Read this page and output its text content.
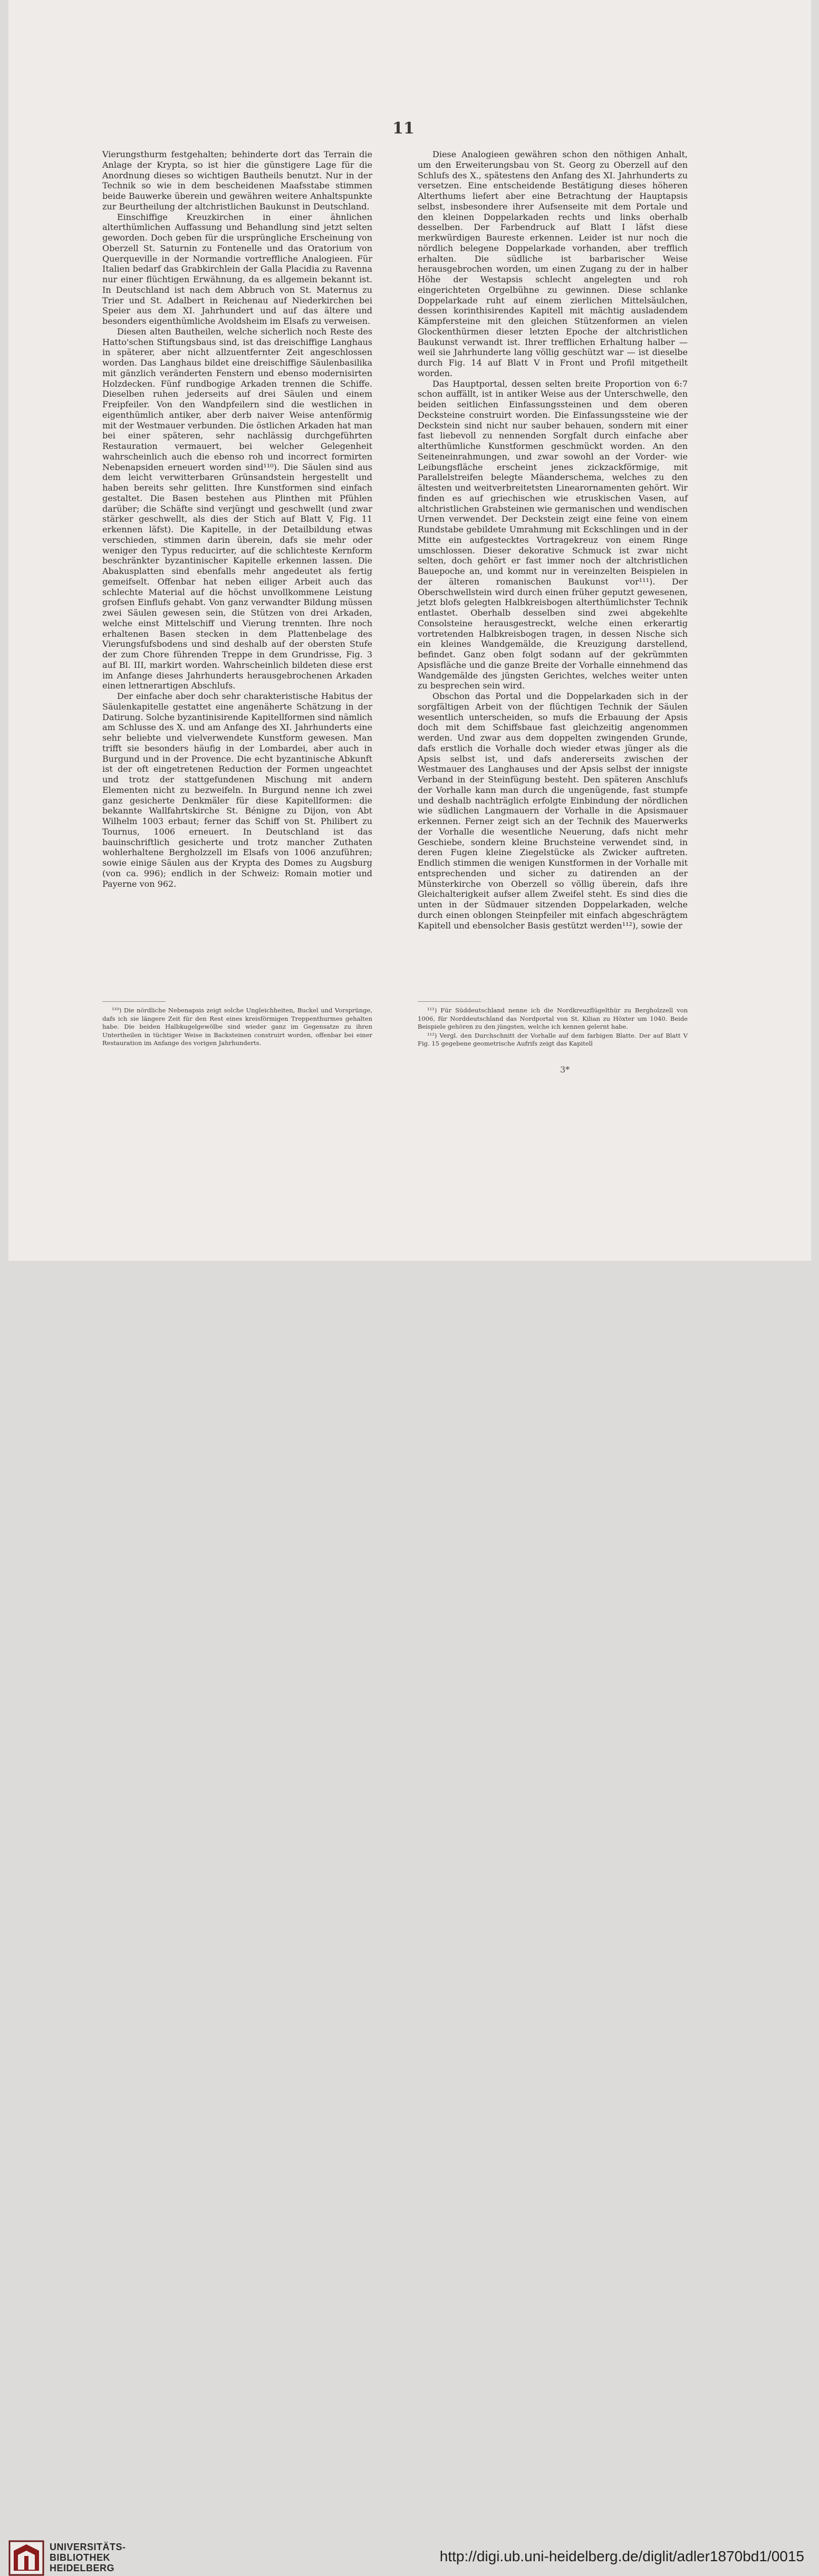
11

Vierungsthurm festgehalten; behinderte dort das Terrain die Anlage der Krypta, so ist hier die günstigere Lage für die Anordnung dieses so wichtigen Bautheils benutzt. Nur in der Technik so wie in dem bescheidenen Maafsstabe stimmen beide Bauwerke überein und gewähren weitere Anhaltspunkte zur Beurtheilung der altchristlichen Baukunst in Deutschland.

Einschiffige Kreuzkirchen in einer ähnlichen alterthümlichen Auffassung und Behandlung sind jetzt selten geworden. Doch geben für die ursprüngliche Erscheinung von Oberzell St. Saturnin zu Fontenelle und das Oratorium von Querqueville in der Normandie vortreffliche Analogieen. Für Italien bedarf das Grabkirchlein der Galla Placidia zu Ravenna nur einer flüchtigen Erwähnung, da es allgemein bekannt ist. In Deutschland ist nach dem Abbruch von St. Maternus zu Trier und St. Adalbert in Reichenau auf Niederkirchen bei Speier aus dem XI. Jahrhundert und auf das ältere und besonders eigenthümliche Avoldsheim im Elsafs zu verweisen.

Diesen alten Bautheilen, welche sicherlich noch Reste des Hatto'schen Stiftungsbaus sind, ist das dreischiffige Langhaus in späterer, aber nicht allzuentfernter Zeit angeschlossen worden. Das Langhaus bildet eine dreischiffige Säulenbasilika mit gänzlich veränderten Fenstern und ebenso modernisirten Holzdecken. Fünf rundbogige Arkaden trennen die Schiffe. Dieselben ruhen jederseits auf drei Säulen und einem Freipfeiler. Von den Wandpfeilern sind die westlichen in eigenthümlich antiker, aber derb naiver Weise antenförmig mit der Westmauer verbunden. Die östlichen Arkaden hat man bei einer späteren, sehr nachlässig durchgeführten Restauration vermauert, bei welcher Gelegenheit wahrscheinlich auch die ebenso roh und incorrect formirten Nebenapsiden erneuert worden sind¹¹⁰). Die Säulen sind aus dem leicht verwitterbaren Grünsandstein hergestellt und haben bereits sehr gelitten. Ihre Kunstformen sind einfach gestaltet. Die Basen bestehen aus Plinthen mit Pfühlen darüber; die Schäfte sind verjüngt und geschwellt (und zwar stärker geschwellt, als dies der Stich auf Blatt V, Fig. 11 erkennen läfst). Die Kapitelle, in der Detailbildung etwas verschieden, stimmen darin überein, dafs sie mehr oder weniger den Typus reducirter, auf die schlichteste Kernform beschränkter byzantinischer Kapitelle erkennen lassen. Die Abakusplatten sind ebenfalls mehr angedeutet als fertig gemeifselt. Offenbar hat neben eiliger Arbeit auch das schlechte Material auf die höchst unvollkommene Leistung grofsen Einflufs gehabt. Von ganz verwandter Bildung müssen zwei Säulen gewesen sein, die Stützen von drei Arkaden, welche einst Mittelschiff und Vierung trennten. Ihre noch erhaltenen Basen stecken in dem Plattenbelage des Vierungsfufsbodens und sind deshalb auf der obersten Stufe der zum Chore führenden Treppe in dem Grundrisse, Fig. 3 auf Bl. III, markirt worden. Wahrscheinlich bildeten diese erst im Anfange dieses Jahrhunderts herausgebrochenen Arkaden einen lettnerartigen Abschlufs.

Der einfache aber doch sehr charakteristische Habitus der Säulenkapitelle gestattet eine angenäherte Schätzung in der Datirung. Solche byzantinisirende Kapitellformen sind nämlich am Schlusse des X. und am Anfange des XI. Jahrhunderts eine sehr beliebte und vielverwendete Kunstform gewesen. Man trifft sie besonders häufig in der Lombardei, aber auch in Burgund und in der Provence. Die echt byzantinische Abkunft ist der oft eingetretenen Reduction der Formen ungeachtet und trotz der stattgefundenen Mischung mit andern Elementen nicht zu bezweifeln. In Burgund nenne ich zwei ganz gesicherte Denkmäler für diese Kapitellformen: die bekannte Wallfahrtskirche St. Bénigne zu Dijon, von Abt Wilhelm 1003 erbaut; ferner das Schiff von St. Philibert zu Tournus, 1006 erneuert. In Deutschland ist das bauinschriftlich gesicherte und trotz mancher Zuthaten wohlerhaltene Bergholzzell im Elsafs von 1006 anzuführen; sowie einige Säulen aus der Krypta des Domes zu Augsburg (von ca. 996); endlich in der Schweiz: Romain motier und Payerne von 962.

Diese Analogieen gewähren schon den nöthigen Anhalt, um den Erweiterungsbau von St. Georg zu Oberzell auf den Schlufs des X., spätestens den Anfang des XI. Jahrhunderts zu versetzen. Eine entscheidende Bestätigung dieses höheren Alterthums liefert aber eine Betrachtung der Hauptapsis selbst, insbesondere ihrer Aufsenseite mit dem Portale und den kleinen Doppelarkaden rechts und links oberhalb desselben. Der Farbendruck auf Blatt I läfst diese merkwürdigen Baureste erkennen. Leider ist nur noch die nördlich belegene Doppelarkade vorhanden, aber trefflich erhalten. Die südliche ist barbarischer Weise herausgebrochen worden, um einen Zugang zu der in halber Höhe der Westapsis schlecht angelegten und roh eingerichteten Orgelbühne zu gewinnen. Diese schlanke Doppelarkade ruht auf einem zierlichen Mittelsäulchen, dessen korinthisirendes Kapitell mit mächtig ausladendem Kämpfersteine mit den gleichen Stützenformen an vielen Glockenthürmen dieser letzten Epoche der altchristlichen Baukunst verwandt ist. Ihrer trefflichen Erhaltung halber — weil sie Jahrhunderte lang völlig geschützt war — ist dieselbe durch Fig. 14 auf Blatt V in Front und Profil mitgetheilt worden.

Das Hauptportal, dessen selten breite Proportion von 6:7 schon auffällt, ist in antiker Weise aus der Unterschwelle, den beiden seitlichen Einfassungssteinen und dem oberen Decksteine construirt worden. Die Einfassungssteine wie der Deckstein sind nicht nur sauber behauen, sondern mit einer fast liebevoll zu nennenden Sorgfalt durch einfache aber alterthümliche Kunstformen geschmückt worden. An den Seiteneinrahmungen, und zwar sowohl an der Vorder- wie Leibungsfläche erscheint jenes zickzackförmige, mit Parallelstreifen belegte Mäanderschema, welches zu den ältesten und weitverbreitetsten Linearornamenten gehört. Wir finden es auf griechischen wie etruskischen Vasen, auf altchristlichen Grabsteinen wie germanischen und wendischen Urnen verwendet. Der Deckstein zeigt eine feine von einem Rundstabe gebildete Umrahmung mit Eckschlingen und in der Mitte ein aufgestecktes Vortragekreuz von einem Ringe umschlossen. Dieser dekorative Schmuck ist zwar nicht selten, doch gehört er fast immer noch der altchristlichen Bauepoche an, und kommt nur in vereinzelten Beispielen in der älteren romanischen Baukunst vor¹¹¹). Der Oberschwellstein wird durch einen früher geputzt gewesenen, jetzt blofs gelegten Halbkreisbogen alterthümlichster Technik entlastet. Oberhalb desselben sind zwei abgekehlte Consolsteine herausgestreckt, welche einen erkerartig vortretenden Halbkreisbogen tragen, in dessen Nische sich ein kleines Wandgemälde, die Kreuzigung darstellend, befindet. Ganz oben folgt sodann auf der gekrümmten Apsisfläche und die ganze Breite der Vorhalle einnehmend das Wandgemälde des jüngsten Gerichtes, welches weiter unten zu besprechen sein wird.

Obschon das Portal und die Doppelarkaden sich in der sorgfältigen Arbeit von der flüchtigen Technik der Säulen wesentlich unterscheiden, so mufs die Erbauung der Apsis doch mit dem Schiffsbaue fast gleichzeitig angenommen werden. Und zwar aus dem doppelten zwingenden Grunde, dafs erstlich die Vorhalle doch wieder etwas jünger als die Apsis selbst ist, und dafs andererseits zwischen der Westmauer des Langhauses und der Apsis selbst der innigste Verband in der Steinfügung besteht. Den späteren Anschlufs der Vorhalle kann man durch die ungenügende, fast stumpfe und deshalb nachträglich erfolgte Einbindung der nördlichen wie südlichen Langmauern der Vorhalle in die Apsismauer erkennen. Ferner zeigt sich an der Technik des Mauerwerks der Vorhalle die wesentliche Neuerung, dafs nicht mehr Geschiebe, sondern kleine Bruchsteine verwendet sind, in deren Fugen kleine Ziegelstücke als Zwicker auftreten. Endlich stimmen die wenigen Kunstformen in der Vorhalle mit entsprechenden und sicher zu datirenden an der Münsterkirche von Oberzell so völlig überein, dafs ihre Gleichalterigkeit aufser allem Zweifel steht. Es sind dies die unten in der Südmauer sitzenden Doppelarkaden, welche durch einen oblongen Steinpfeiler mit einfach abgeschrägtem Kapitell und ebensolcher Basis gestützt werden¹¹²), sowie der

¹¹⁰) Die nördliche Nebenapsis zeigt solche Ungleichheiten, Buckel und Vorsprünge, dafs ich sie längere Zeit für den Rest eines kreisförmigen Treppenthurmes gehalten habe. Die beiden Halbkugelgewölbe sind wieder ganz im Gegensatze zu ihren Untertheilen in tüchtiger Weise in Backsteinen construirt worden, offenbar bei einer Restauration im Anfange des vorigen Jahrhunderts.

¹¹¹) Für Süddeutschland nenne ich die Nordkreuzflügelthür zu Bergholzzell von 1006, für Norddeutschland das Nordportal von St. Kilian zu Höxter um 1040. Beide Beispiele gehören zu den jüngsten, welche ich kennen gelernt habe.

¹¹²) Vergl. den Durchschnitt der Vorhalle auf dem farbigen Blatte. Der auf Blatt V Fig. 15 gegebene geometrische Aufrifs zeigt das Kapitell

3*
UNIVERSITÄTS-
BIBLIOTHEK
HEIDELBERG
http://digi.ub.uni-heidelberg.de/diglit/adler1870bd1/0015
